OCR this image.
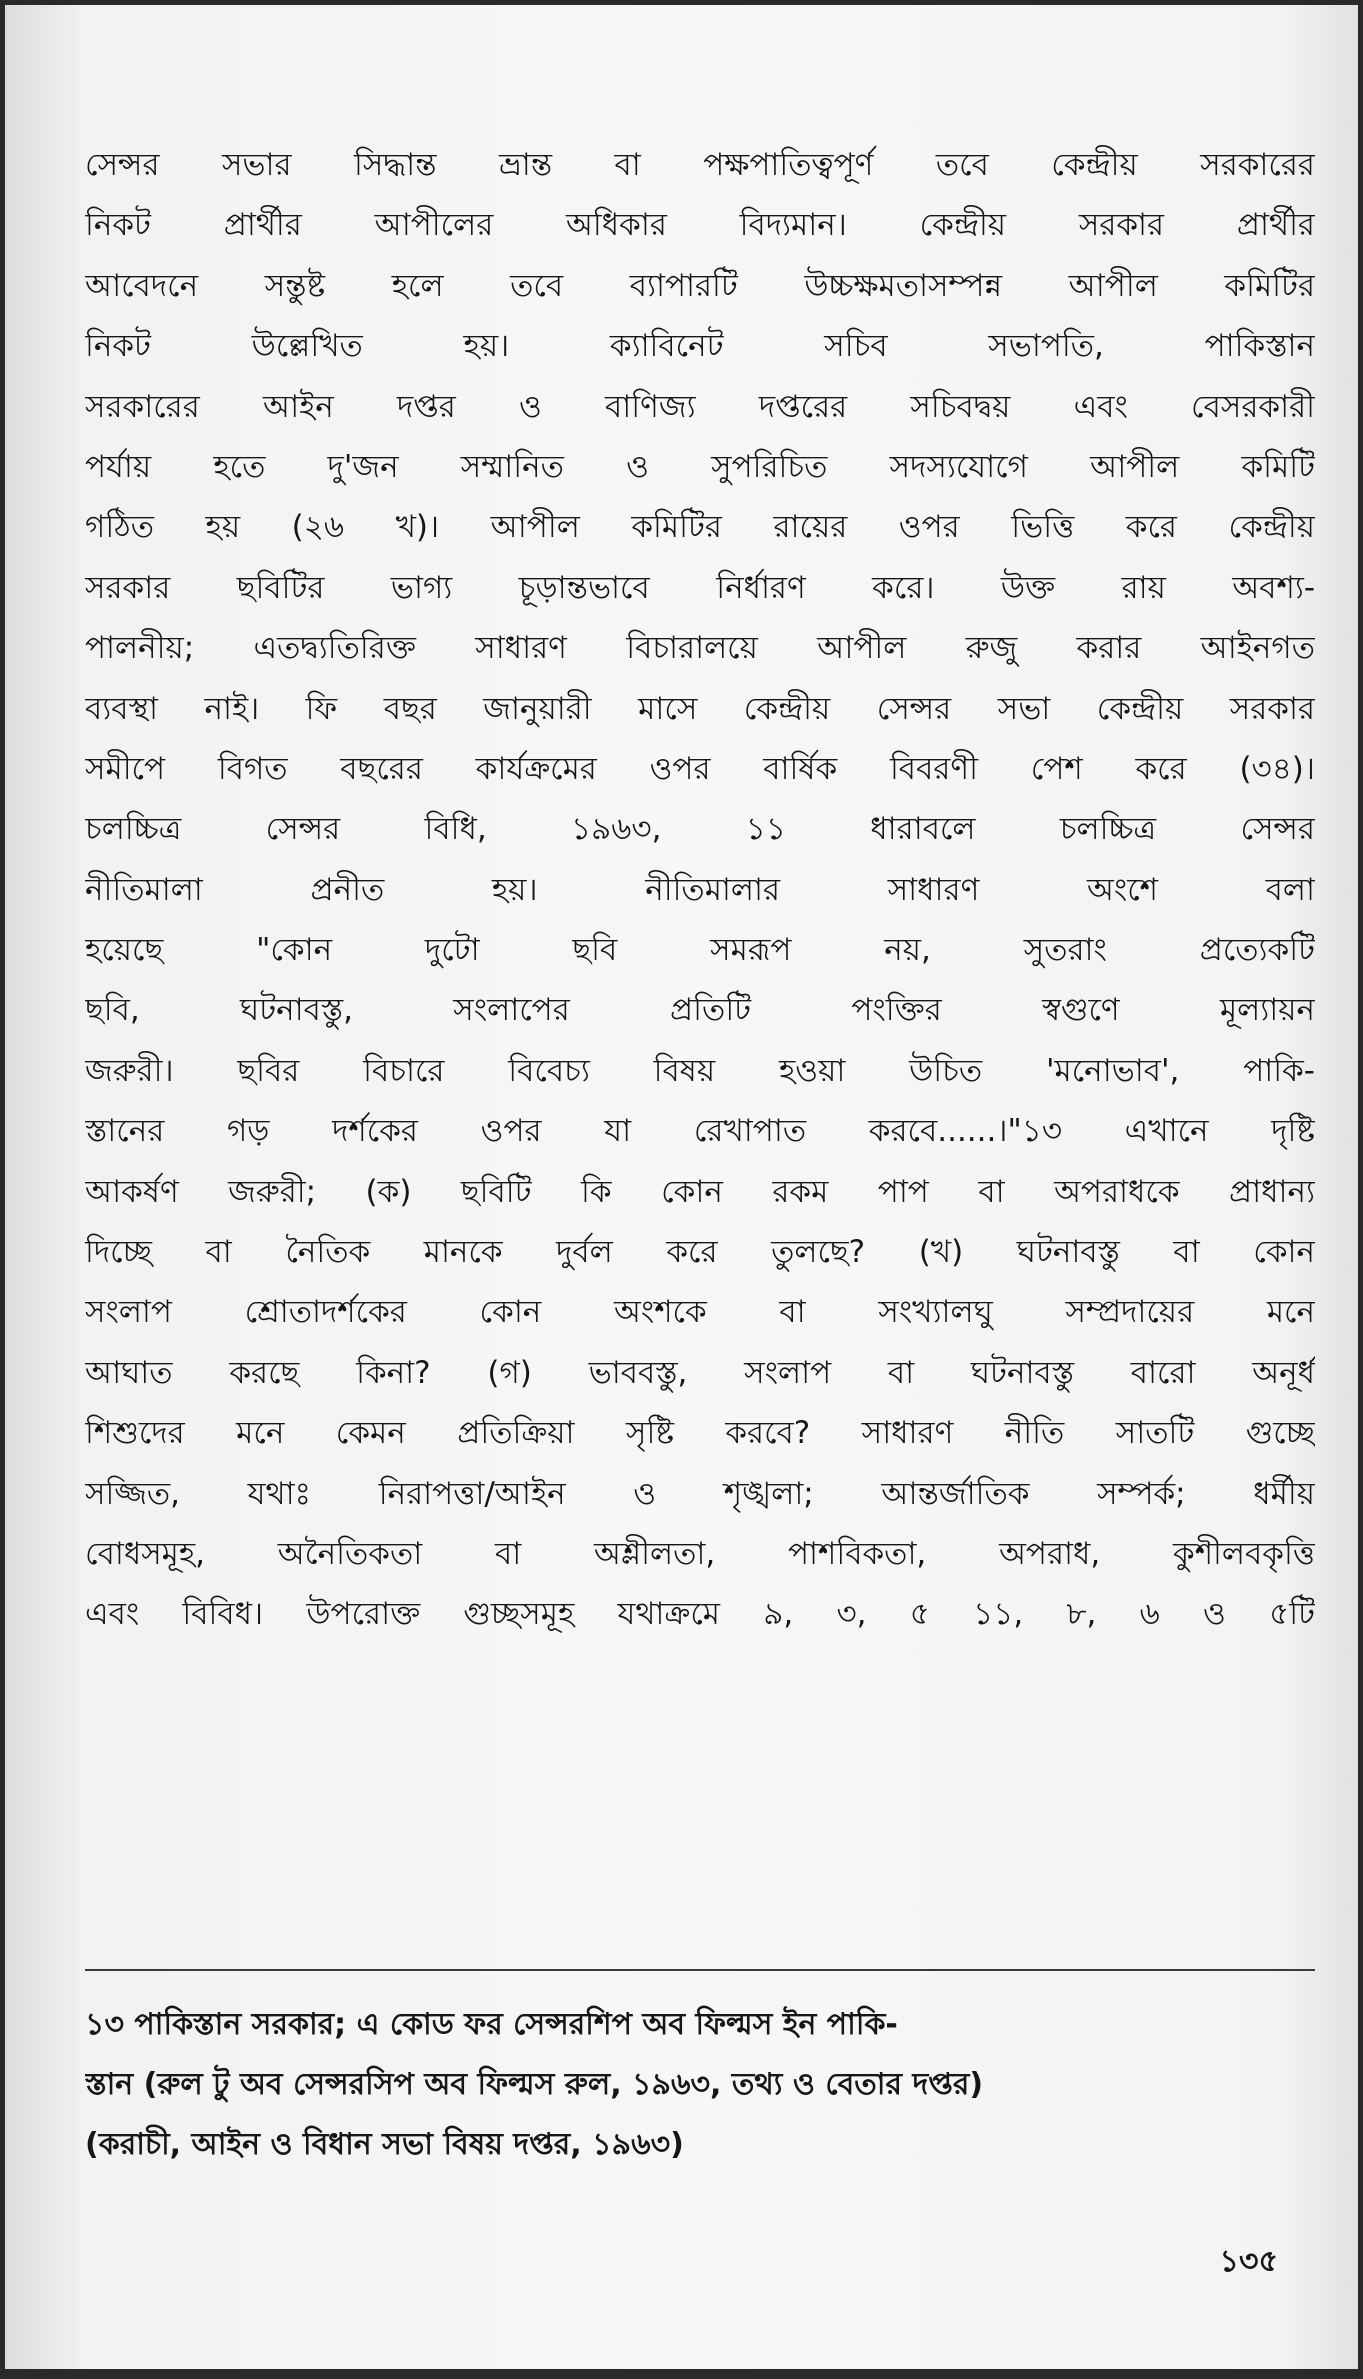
সেন্সর সভার সিদ্ধান্ত ভ্রান্ত বা পক্ষপাতিত্বপূর্ণ তবে কেন্দ্রীয় সরকারের
নিকট প্রার্থীর আপীলের অধিকার বিদ্যমান। কেন্দ্রীয় সরকার প্রার্থীর
আবেদনে সন্তুষ্ট হলে তবে ব্যাপারটি উচ্চক্ষমতাসম্পন্ন আপীল কমিটির
নিকট উল্লেখিত হয়। ক্যাবিনেট সচিব সভাপতি, পাকিস্তান
সরকারের আইন দপ্তর ও বাণিজ্য দপ্তরের সচিবদ্বয় এবং বেসরকারী
পর্যায় হতে দু'জন সম্মানিত ও সুপরিচিত সদস্যযোগে আপীল কমিটি
গঠিত হয় (২৬ খ)। আপীল কমিটির রায়ের ওপর ভিত্তি করে কেন্দ্রীয়
সরকার ছবিটির ভাগ্য চূড়ান্তভাবে নির্ধারণ করে। উক্ত রায় অবশ্য-
পালনীয়; এতদ্ব্যতিরিক্ত সাধারণ বিচারালয়ে আপীল রুজু করার আইনগত
ব্যবস্থা নাই। ফি বছর জানুয়ারী মাসে কেন্দ্রীয় সেন্সর সভা কেন্দ্রীয় সরকার
সমীপে বিগত বছরের কার্যক্রমের ওপর বার্ষিক বিবরণী পেশ করে (৩৪)।
চলচ্চিত্র সেন্সর বিধি, ১৯৬৩, ১১ ধারাবলে চলচ্চিত্র সেন্সর
নীতিমালা প্রনীত হয়। নীতিমালার সাধারণ অংশে বলা
হয়েছে "কোন দুটো ছবি সমরূপ নয়, সুতরাং প্রত্যেকটি
ছবি, ঘটনাবস্তু, সংলাপের প্রতিটি পংক্তির স্বগুণে মূল্যায়ন
জরুরী। ছবির বিচারে বিবেচ্য বিষয় হওয়া উচিত 'মনোভাব', পাকি-
স্তানের গড় দর্শকের ওপর যা রেখাপাত করবে......।"১৩ এখানে দৃষ্টি
আকর্ষণ জরুরী; (ক) ছবিটি কি কোন রকম পাপ বা অপরাধকে প্রাধান্য
দিচ্ছে বা নৈতিক মানকে দুর্বল করে তুলছে? (খ) ঘটনাবস্তু বা কোন
সংলাপ শ্রোতাদর্শকের কোন অংশকে বা সংখ্যালঘু সম্প্রদায়ের মনে
আঘাত করছে কিনা? (গ) ভাববস্তু, সংলাপ বা ঘটনাবস্তু বারো অনূর্ধ
শিশুদের মনে কেমন প্রতিক্রিয়া সৃষ্টি করবে? সাধারণ নীতি সাতটি গুচ্ছে
সজ্জিত, যথাঃ নিরাপত্তা/আইন ও শৃঙ্খলা; আন্তর্জাতিক সম্পর্ক; ধর্মীয়
বোধসমূহ, অনৈতিকতা বা অশ্লীলতা, পাশবিকতা, অপরাধ, কুশীলবকৃত্তি
এবং বিবিধ। উপরোক্ত গুচ্ছসমূহ যথাক্রমে ৯, ৩, ৫ ১১, ৮, ৬ ও ৫টি
১৩ পাকিস্তান সরকার; এ কোড ফর সেন্সরশিপ অব ফিল্মস ইন পাকি-
স্তান (রুল টু অব সেন্সরসিপ অব ফিল্মস রুল, ১৯৬৩, তথ্য ও বেতার দপ্তর)
(করাচী, আইন ও বিধান সভা বিষয় দপ্তর, ১৯৬৩)
১৩৫
